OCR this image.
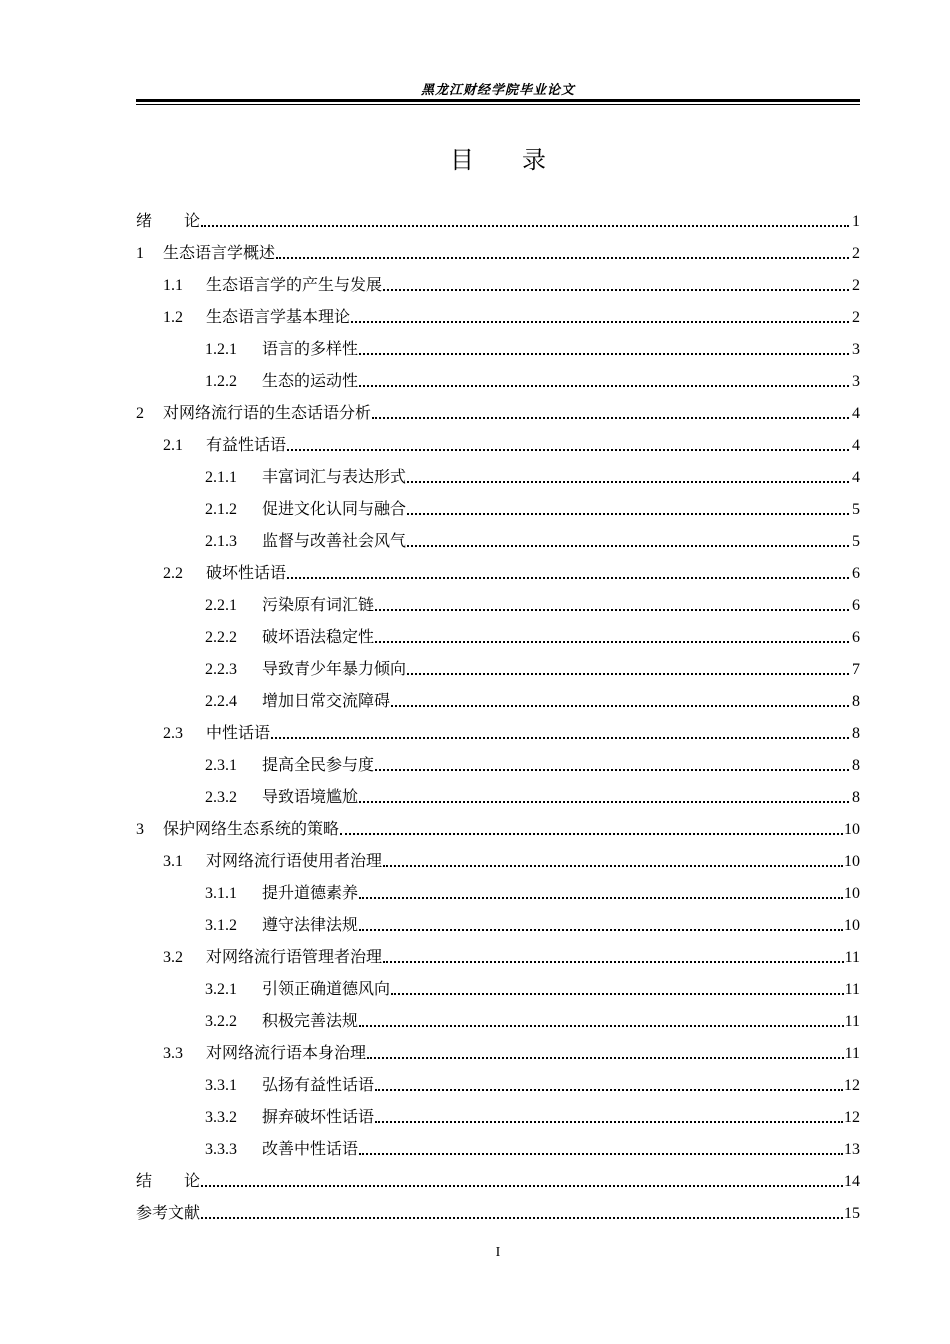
黑龙江财经学院毕业论文
目录
绪　　论	1
1	生态语言学概述	2
1.1	生态语言学的产生与发展	2
1.2	生态语言学基本理论	2
1.2.1	语言的多样性	3
1.2.2	生态的运动性	3
2	对网络流行语的生态话语分析	4
2.1	有益性话语	4
2.1.1	丰富词汇与表达形式	4
2.1.2	促进文化认同与融合	5
2.1.3	监督与改善社会风气	5
2.2	破坏性话语	6
2.2.1	污染原有词汇链	6
2.2.2	破坏语法稳定性	6
2.2.3	导致青少年暴力倾向	7
2.2.4	增加日常交流障碍	8
2.3	中性话语	8
2.3.1	提高全民参与度	8
2.3.2	导致语境尴尬	8
3	保护网络生态系统的策略	10
3.1	对网络流行语使用者治理	10
3.1.1	提升道德素养	10
3.1.2	遵守法律法规	10
3.2	对网络流行语管理者治理	11
3.2.1	引领正确道德风向	11
3.2.2	积极完善法规	11
3.3	对网络流行语本身治理	11
3.3.1	弘扬有益性话语	12
3.3.2	摒弃破坏性话语	12
3.3.3	改善中性话语	13
结　　论	14
参考文献	15
I
